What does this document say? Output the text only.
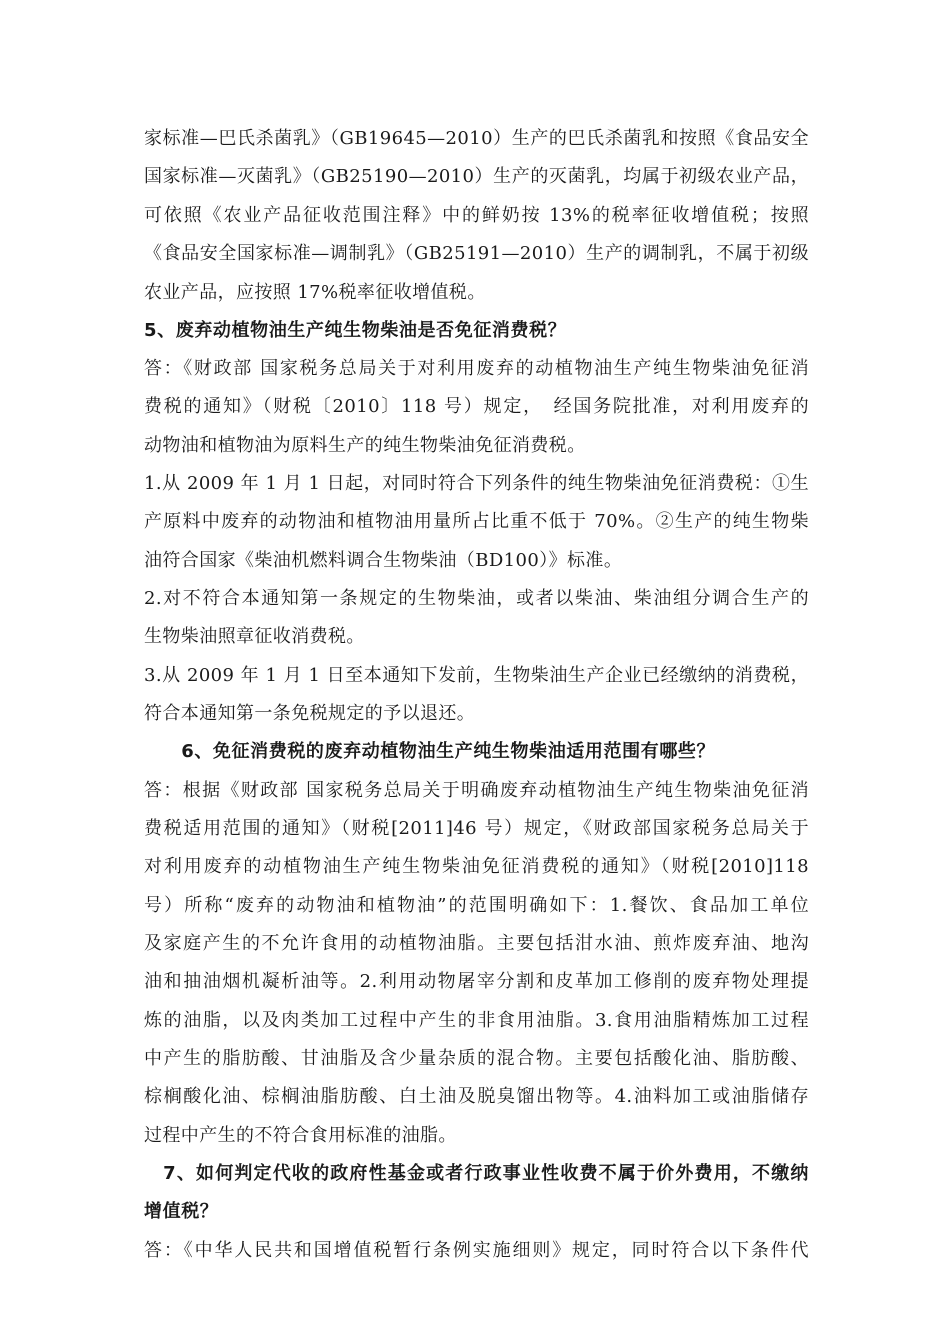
家标准—巴氏杀菌乳》（GB19645—2010）生产的巴氏杀菌乳和按照《食品安全
国家标准—灭菌乳》（GB25190—2010）生产的灭菌乳，均属于初级农业产品，
可依照《农业产品征收范围注释》中的鲜奶按 13%的税率征收增值税；按照
《食品安全国家标准—调制乳》（GB25191—2010）生产的调制乳，不属于初级
农业产品，应按照 17%税率征收增值税。
5、废弃动植物油生产纯生物柴油是否免征消费税？
答：《财政部 国家税务总局关于对利用废弃的动植物油生产纯生物柴油免征消
费税的通知》（财税〔2010〕118 号）规定，　经国务院批准，对利用废弃的
动物油和植物油为原料生产的纯生物柴油免征消费税。
1.从 2009 年 1 月 1 日起，对同时符合下列条件的纯生物柴油免征消费税：①生
产原料中废弃的动物油和植物油用量所占比重不低于 70%。②生产的纯生物柴
油符合国家《柴油机燃料调合生物柴油（BD100）》标准。
2.对不符合本通知第一条规定的生物柴油，或者以柴油、柴油组分调合生产的
生物柴油照章征收消费税。
3.从 2009 年 1 月 1 日至本通知下发前，生物柴油生产企业已经缴纳的消费税，
符合本通知第一条免税规定的予以退还。
　　6、免征消费税的废弃动植物油生产纯生物柴油适用范围有哪些？
答：根据《财政部 国家税务总局关于明确废弃动植物油生产纯生物柴油免征消
费税适用范围的通知》（财税[2011]46 号）规定，《财政部国家税务总局关于
对利用废弃的动植物油生产纯生物柴油免征消费税的通知》（财税[2010]118
号）所称“废弃的动物油和植物油”的范围明确如下：1.餐饮、食品加工单位
及家庭产生的不允许食用的动植物油脂。主要包括泔水油、煎炸废弃油、地沟
油和抽油烟机凝析油等。2.利用动物屠宰分割和皮革加工修削的废弃物处理提
炼的油脂，以及肉类加工过程中产生的非食用油脂。3.食用油脂精炼加工过程
中产生的脂肪酸、甘油脂及含少量杂质的混合物。主要包括酸化油、脂肪酸、
棕榈酸化油、棕榈油脂肪酸、白土油及脱臭馏出物等。4.油料加工或油脂储存
过程中产生的不符合食用标准的油脂。
　7、如何判定代收的政府性基金或者行政事业性收费不属于价外费用，不缴纳
增值税？
答：《中华人民共和国增值税暂行条例实施细则》规定，同时符合以下条件代
